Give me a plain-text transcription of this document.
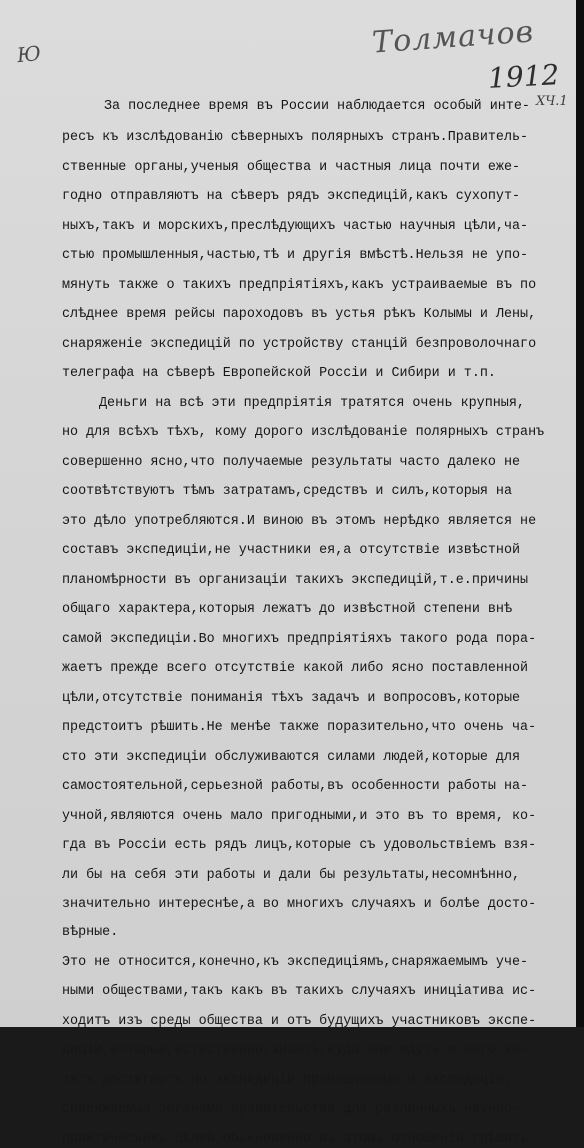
Ю	Толмачов
1912
XЧ.1
За последнее время въ России наблюдается особый инте-
ресъ къ изслѣдованію сѣверныхъ полярныхъ странъ.Правитель-
ственные органы,ученыя общества и частныя лица почти еже-
годно отправляютъ на сѣверъ рядъ экспедицій,какъ сухопут-
ныхъ,такъ и морскихъ,преслѣдующихъ частью научныя цѣли,ча-
стью промышленныя,частью,тѣ и другія вмѣстѣ.Нельзя не упо-
мянуть также о такихъ предпріятіяхъ,какъ устраиваемые въ по
слѣднее время рейсы пароходовъ въ устья рѣкъ Колымы и Лены,
снаряженіе экспедицій по устройству станцій безпроволочнаго
телеграфа на сѣверѣ Европейской Россіи и Сибири и т.п.
Деньги на всѣ эти предпріятія тратятся очень крупныя,
но для всѣхъ тѣхъ, кому дорого изслѣдованіе полярныхъ странъ
совершенно ясно,что получаемые результаты часто далеко не
соотвѣтствуютъ тѣмъ затратамъ,средствъ и силъ,которыя на
это дѣло употребляются.И виною въ этомъ нерѣдко является не
составъ экспедиціи,не участники ея,а отсутствіе извѣстной
планомѣрности въ организаціи такихъ экспедицій,т.е.причины
общаго характера,которыя лежатъ до извѣстной степени внѣ
самой экспедиціи.Во многихъ предпріятіяхъ такого рода пора-
жаетъ прежде всего отсутствіе какой либо ясно поставленной
цѣли,отсутствіе пониманія тѣхъ задачъ и вопросовъ,которые
предстоитъ рѣшить.Не менѣе также поразительно,что очень ча-
сто эти экспедиціи обслуживаются силами людей,которые для
самостоятельной,серьезной работы,въ особенности работы на-
учной,являются очень мало пригодными,и это въ то время, ко-
гда въ Россіи есть рядъ лицъ,которые съ удовольствіемъ взя-
ли бы на себя эти работы и дали бы результаты,несомнѣнно,
значительно интереснѣе,а во многихъ случаяхъ и болѣе досто-
вѣрные.
Это не относится,конечно,къ экспедиціямъ,снаряжаемымъ уче-
ными обществами,такъ какъ въ такихъ случаяхъ иниціатива ис-
ходитъ изъ среды общества и отъ будущихъ участниковъ экспе-
диціи,которые,естественно,знаютъ,куда они идутъ и чего хо-
тятъ достигнуть.Но экспедиціи промышленныя и экспедиціи,
снаряжаемыя органами правительства для различныхъ научно-
практическихъ цѣлей,обыкновенно въ этомъ отношеніи грѣшатъ
